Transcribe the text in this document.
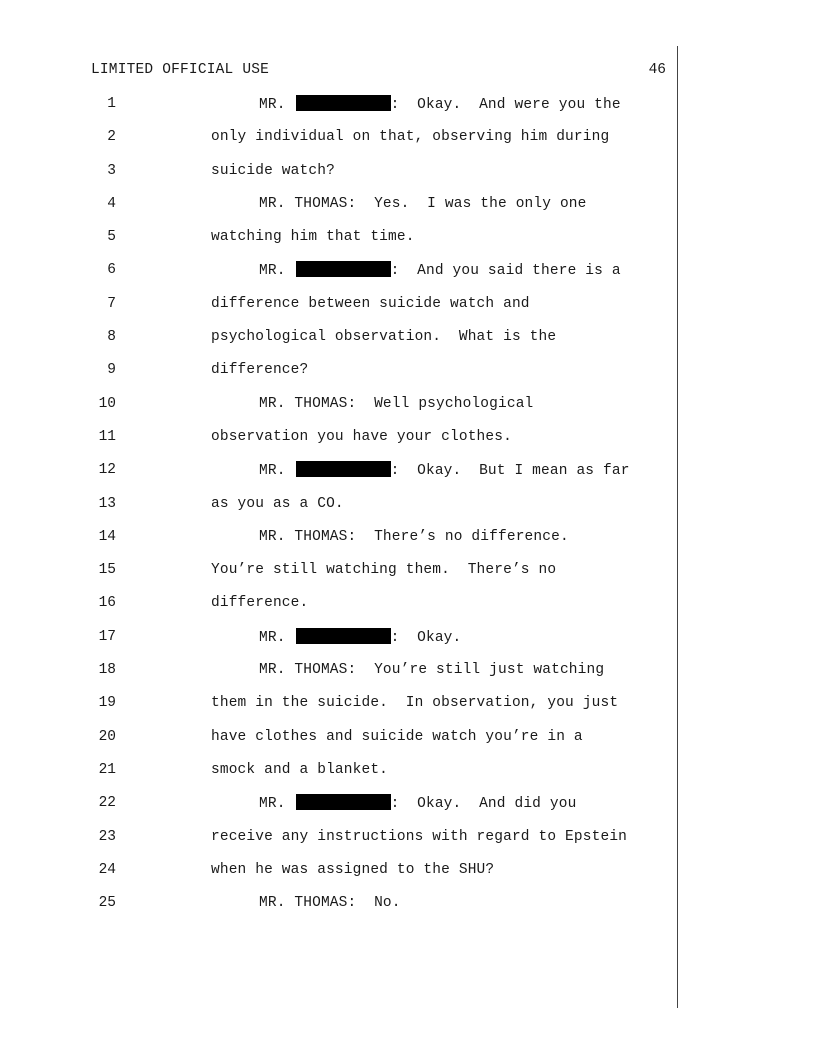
LIMITED OFFICIAL USE	46
1	MR.	:  Okay.  And were you the
2	only individual on that, observing him during
3	suicide watch?
4	MR. THOMAS:  Yes.  I was the only one
5	watching him that time.
6	MR.	:  And you said there is a
7	difference between suicide watch and
8	psychological observation.  What is the
9	difference?
10	MR. THOMAS:  Well psychological
11	observation you have your clothes.
12	MR.	:  Okay.  But I mean as far
13	as you as a CO.
14	MR. THOMAS:  There’s no difference.
15	You’re still watching them.  There’s no
16	difference.
17	MR.	:  Okay.
18	MR. THOMAS:  You’re still just watching
19	them in the suicide.  In observation, you just
20	have clothes and suicide watch you’re in a
21	smock and a blanket.
22	MR.	:  Okay.  And did you
23	receive any instructions with regard to Epstein
24	when he was assigned to the SHU?
25	MR. THOMAS:  No.
